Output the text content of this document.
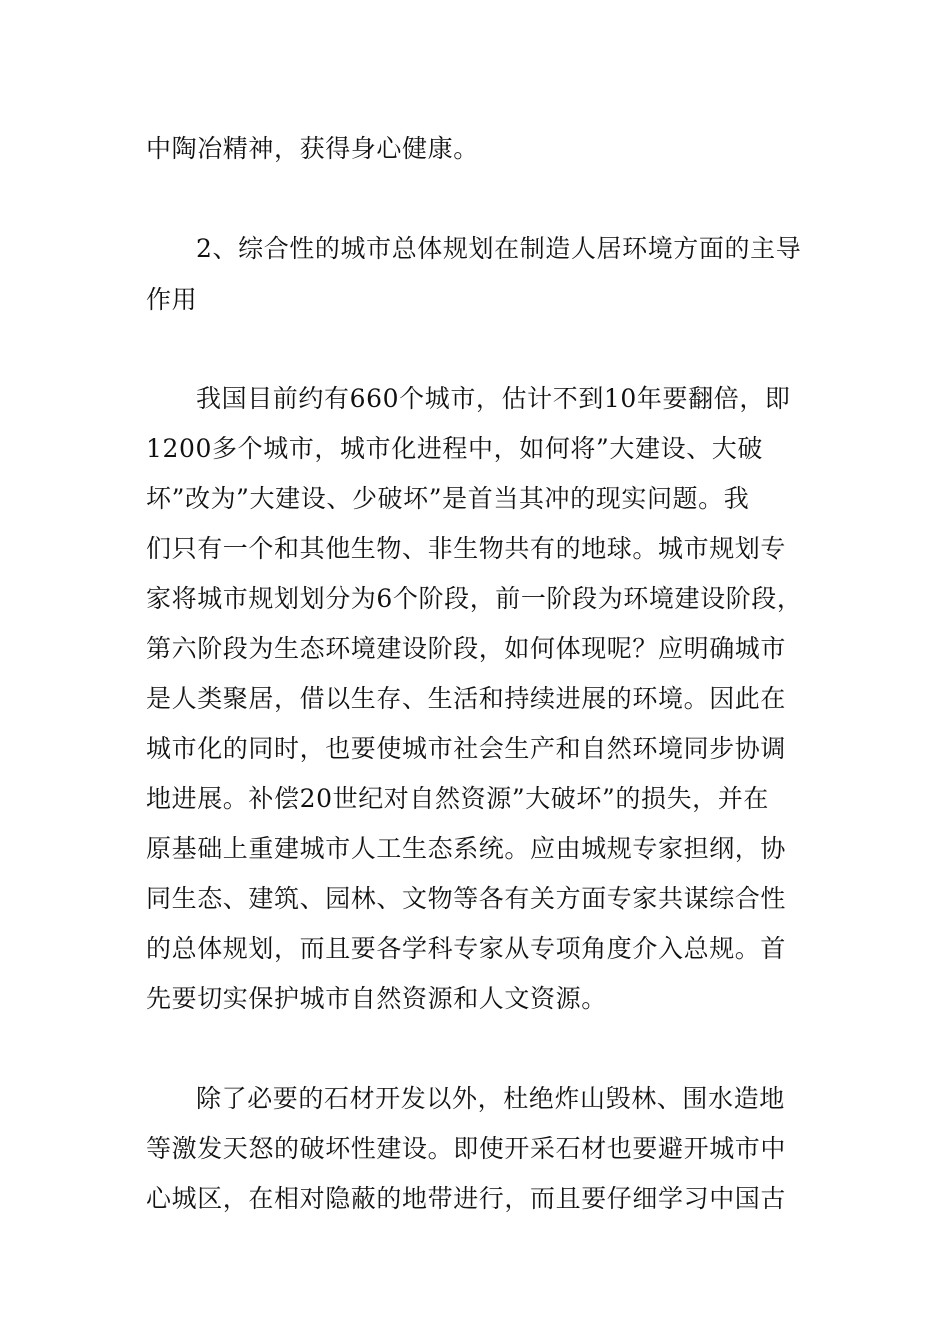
中陶冶精神，获得身心健康。
2、综合性的城市总体规划在制造人居环境方面的主导
作用
我国目前约有660个城市，估计不到10年要翻倍，即
1200多个城市，城市化进程中，如何将”大建设、大破
坏”改为”大建设、少破坏”是首当其冲的现实问题。我
们只有一个和其他生物、非生物共有的地球。城市规划专
家将城市规划划分为6个阶段，前一阶段为环境建设阶段，
第六阶段为生态环境建设阶段，如何体现呢？应明确城市
是人类聚居，借以生存、生活和持续进展的环境。因此在
城市化的同时，也要使城市社会生产和自然环境同步协调
地进展。补偿20世纪对自然资源”大破坏”的损失，并在
原基础上重建城市人工生态系统。应由城规专家担纲，协
同生态、建筑、园林、文物等各有关方面专家共谋综合性
的总体规划，而且要各学科专家从专项角度介入总规。首
先要切实保护城市自然资源和人文资源。
除了必要的石材开发以外，杜绝炸山毁林、围水造地
等激发天怒的破坏性建设。即使开采石材也要避开城市中
心城区，在相对隐蔽的地带进行，而且要仔细学习中国古
